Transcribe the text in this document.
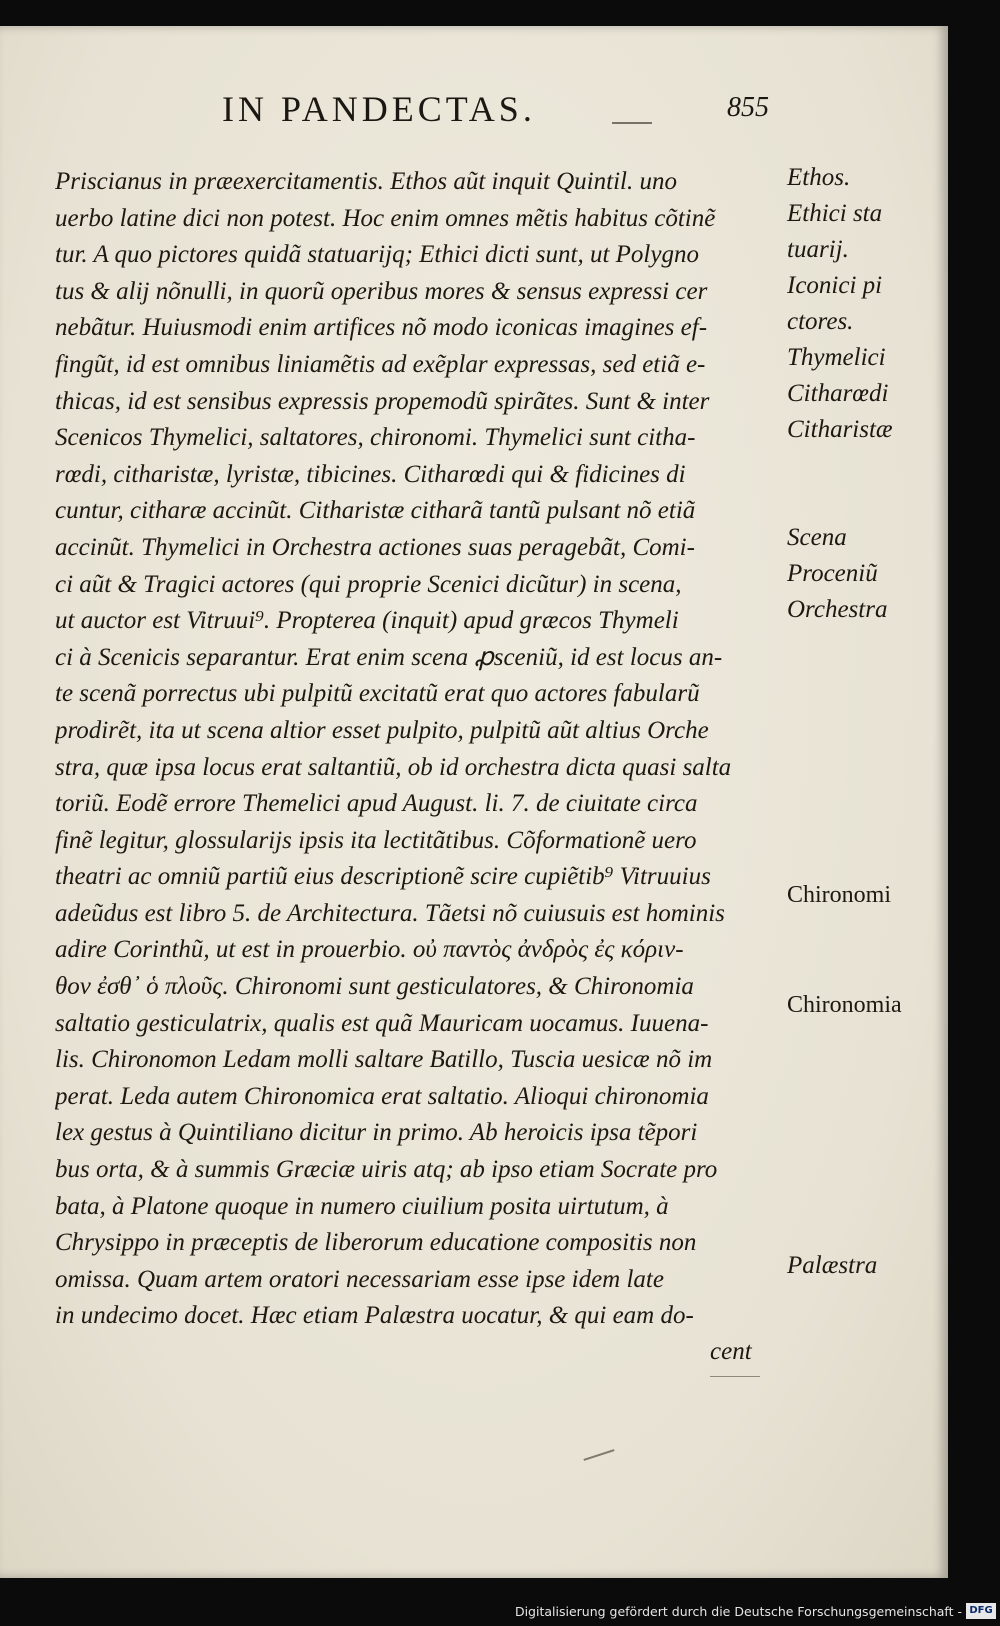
IN PANDECTAS.	855
Priscianus in præexercitamentis. Ethos aũt inquit Quintil. uno
uerbo latine dici non potest. Hoc enim omnes mẽtis habitus cõtinẽ
tur. A quo pictores quidã statuarijq; Ethici dicti sunt, ut Polygno
tus & alij nõnulli, in quorũ operibus mores & sensus expressi cer
nebãtur. Huiusmodi enim artifices nõ modo iconicas imagines ef-
fingũt, id est omnibus liniamẽtis ad exẽplar expressas, sed etiã e-
thicas, id est sensibus expressis propemodũ spirãtes. Sunt & inter
Scenicos Thymelici, saltatores, chironomi. Thymelici sunt citha-
rœdi, citharistæ, lyristæ, tibicines. Citharœdi qui & fidicines di
cuntur, citharæ accinũt. Citharistæ citharã tantũ pulsant nõ etiã
accinũt. Thymelici in Orchestra actiones suas peragebãt, Comi-
ci aũt & Tragici actores (qui proprie Scenici dicũtur) in scena,
ut auctor est Vitruui⁹. Propterea (inquit) apud græcos Thymeli
ci à Scenicis separantur. Erat enim scena ꝓsceniũ, id est locus an-
te scenã porrectus ubi pulpitũ excitatũ erat quo actores fabularũ
prodirẽt, ita ut scena altior esset pulpito, pulpitũ aũt altius Orche
stra, quæ ipsa locus erat saltantiũ, ob id orchestra dicta quasi salta
toriũ. Eodẽ errore Themelici apud August. li. 7. de ciuitate circa
finẽ legitur, glossularijs ipsis ita lectitãtibus. Cõformationẽ uero
theatri ac omniũ partiũ eius descriptionẽ scire cupiẽtib⁹ Vitruuius
adeũdus est libro 5. de Architectura. Tãetsi nõ cuiusuis est hominis
adire Corinthũ, ut est in prouerbio. οὐ παντὸς ἀνδρὸς ἐς κόριν-
θον ἐσθ᾽ ὁ πλοῦς. Chironomi sunt gesticulatores, & Chironomia
saltatio gesticulatrix, qualis est quã Mauricam uocamus. Iuuena-
lis. Chironomon Ledam molli saltare Batillo, Tuscia uesicæ nõ im
perat. Leda autem Chironomica erat saltatio. Alioqui chironomia
lex gestus à Quintiliano dicitur in primo. Ab heroicis ipsa tẽpori
bus orta, & à summis Græciæ uiris atq; ab ipso etiam Socrate pro
bata, à Platone quoque in numero ciuilium posita uirtutum, à
Chrysippo in præceptis de liberorum educatione compositis non
omissa. Quam artem oratori necessariam esse ipse idem late
in undecimo docet. Hæc etiam Palæstra uocatur, & qui eam do-
cent
Ethos.
Ethici sta
tuarij.
Iconici pi
ctores.
Thymelici
Citharœdi
Citharistæ
Scena
Proceniũ
Orchestra
Chironomi
Chironomia
Palæstra
Digitalisierung gefördert durch die Deutsche Forschungsgemeinschaft - DFG
